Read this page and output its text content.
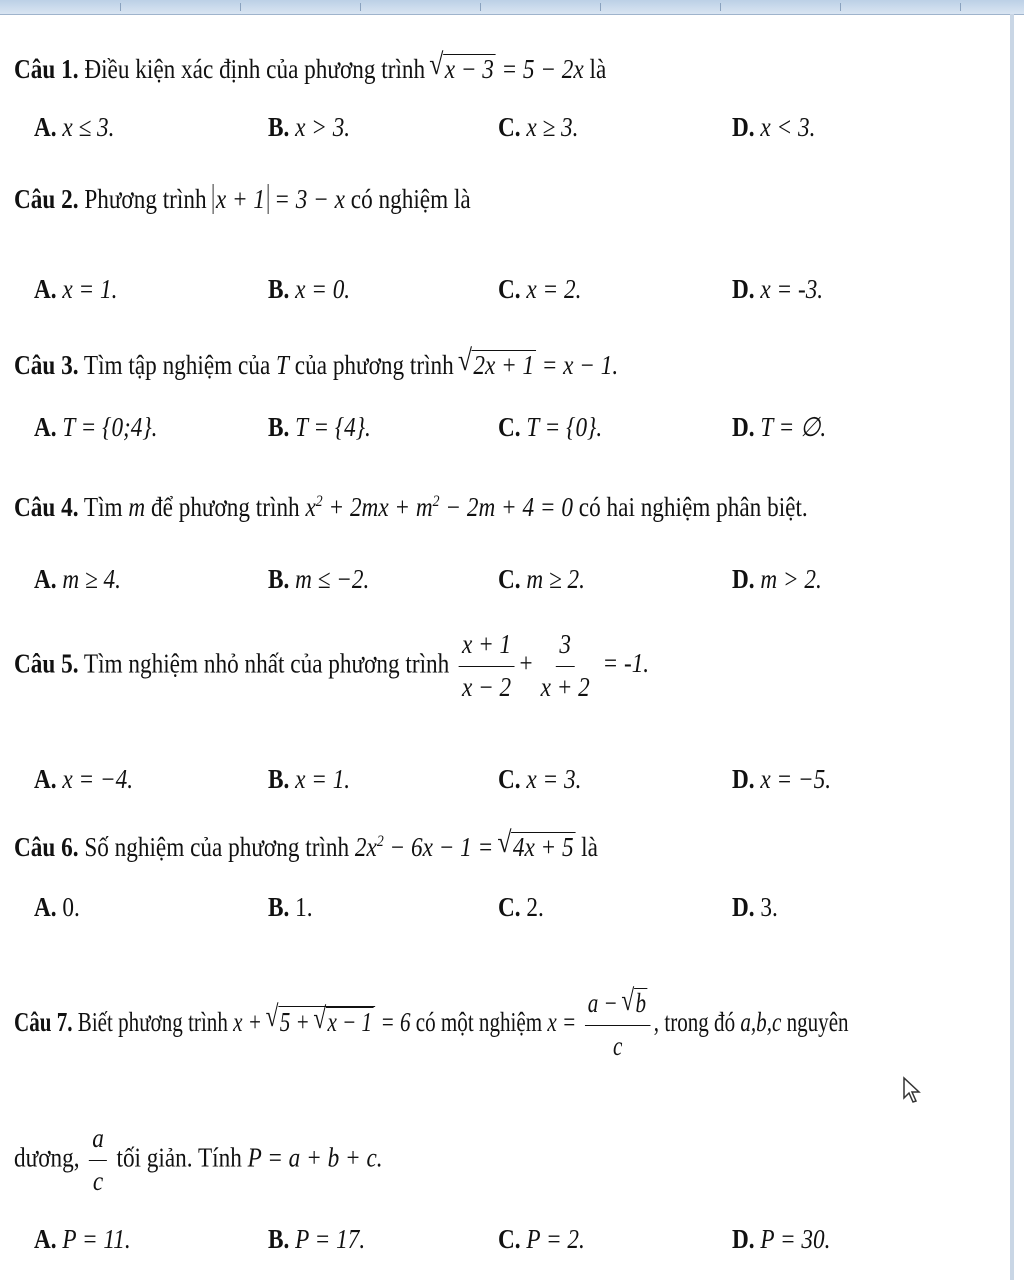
Câu 1. Điều kiện xác định của phương trình √ x − 3 = 5 − 2x là
A. x ≤ 3.	B. x > 3.	C. x ≥ 3.	D. x < 3.
Câu 2. Phương trình x + 1 = 3 − x có nghiệm là
A. x = 1.	B. x = 0.	C. x = 2.	D. x = -3.
Câu 3. Tìm tập nghiệm của T của phương trình √ 2x + 1 = x − 1.
A. T = {0;4}.	B. T = {4}.	C. T = {0}.	D. T = ∅.
Câu 4. Tìm m để phương trình $x^2 + 2mx + m^2 - 2m + 4 = 0$ có hai nghiệm phân biệt.
A. m ≥ 4.	B. m ≤ −2.	C. m ≥ 2.	D. m > 2.
Câu 5. Tìm nghiệm nhỏ nhất của phương trình $\frac{x + 1}{x - 2} + \frac{3}{x + 2} = -1$.
A. x = −4.	B. x = 1.	C. x = 3.	D. x = −5.
Câu 6. Số nghiệm của phương trình $2x^2 - 6x - 1$ = √ 4x + 5 là
A. 0.	B. 1.	C. 2.	D. 3.
Câu 7. Biết phương trình x + √ 5 + √ x − 1 = 6 có một nghiệm $x = \frac{a - √ b}{c}$ , trong đó a,b,c nguyên
dương, $\frac{a}{c}$ tối giản. Tính P = a + b + c.
A. P = 11.	B. P = 17.	C. P = 2.	D. P = 30.
